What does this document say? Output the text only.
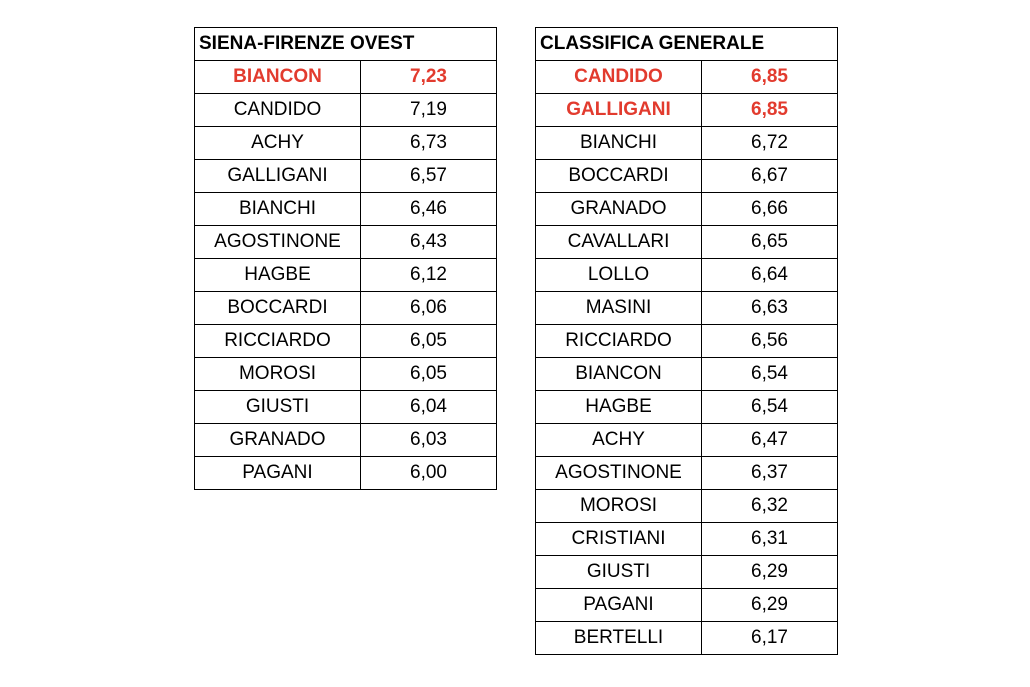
SIENA-FIRENZE OVEST	
BIANCON	7,23
CANDIDO	7,19
ACHY	6,73
GALLIGANI	6,57
BIANCHI	6,46
AGOSTINONE	6,43
HAGBE	6,12
BOCCARDI	6,06
RICCIARDO	6,05
MOROSI	6,05
GIUSTI	6,04
GRANADO	6,03
PAGANI	6,00
CLASSIFICA GENERALE	
CANDIDO	6,85
GALLIGANI	6,85
BIANCHI	6,72
BOCCARDI	6,67
GRANADO	6,66
CAVALLARI	6,65
LOLLO	6,64
MASINI	6,63
RICCIARDO	6,56
BIANCON	6,54
HAGBE	6,54
ACHY	6,47
AGOSTINONE	6,37
MOROSI	6,32
CRISTIANI	6,31
GIUSTI	6,29
PAGANI	6,29
BERTELLI	6,17
